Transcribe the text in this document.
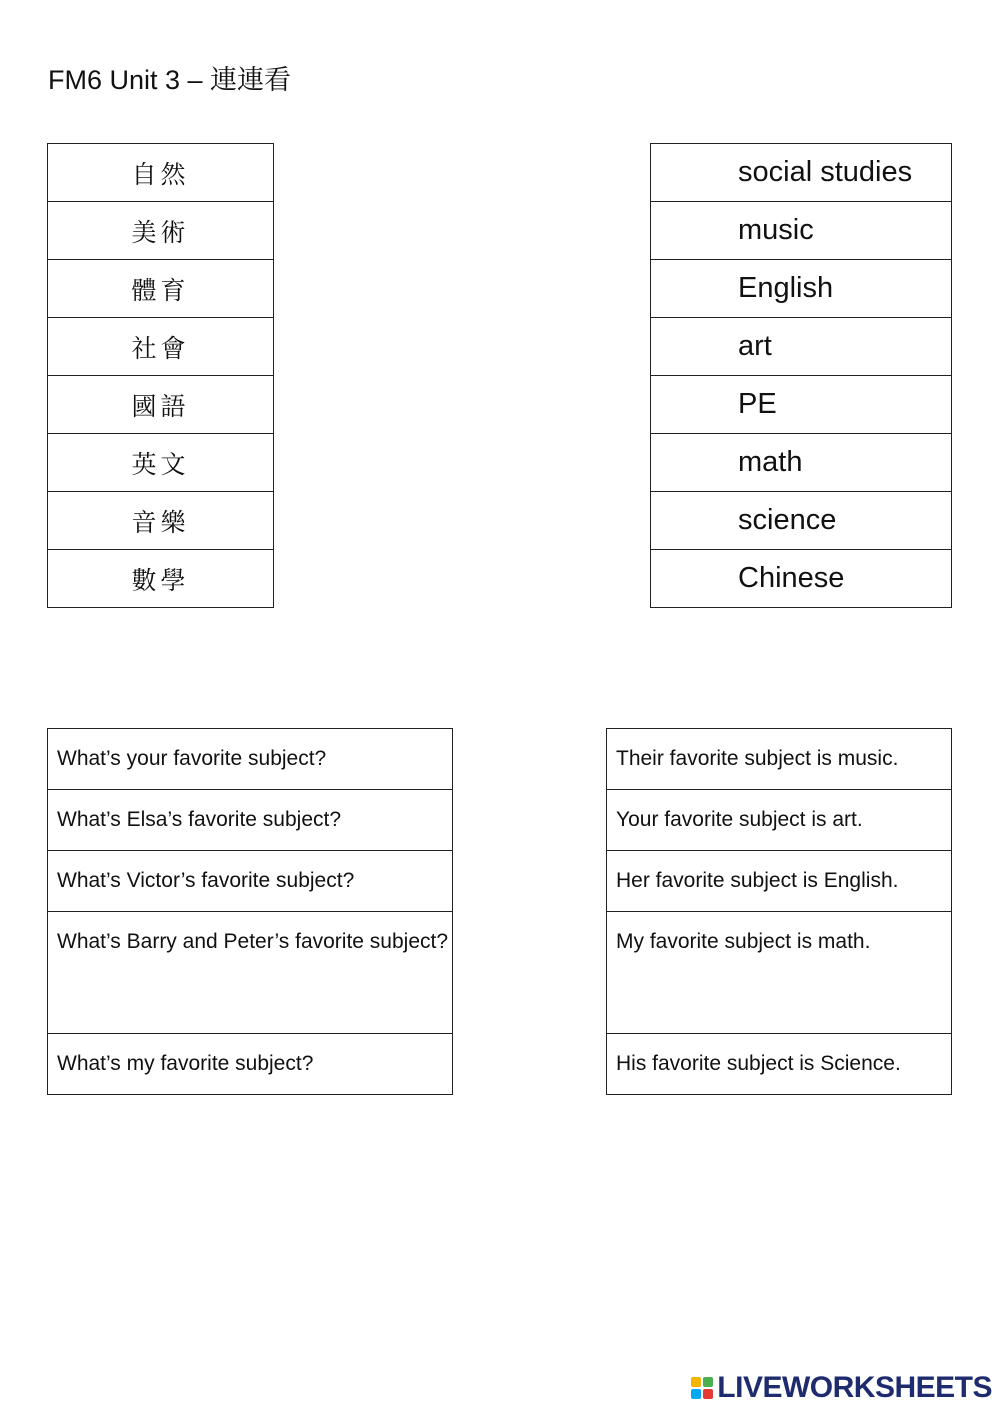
FM6 Unit 3 – 連連看
自然
美術
體育
社會
國語
英文
音樂
數學
social studies
music
English
art
PE
math
science
Chinese
What’s your favorite subject?
What’s Elsa’s favorite subject?
What’s Victor’s favorite subject?
What’s Barry and Peter’s favorite subject?
What’s my favorite subject?
Their favorite subject is music.
Your favorite subject is art.
Her favorite subject is English.
My favorite subject is math.
His favorite subject is Science.
LIVEWORKSHEETS
